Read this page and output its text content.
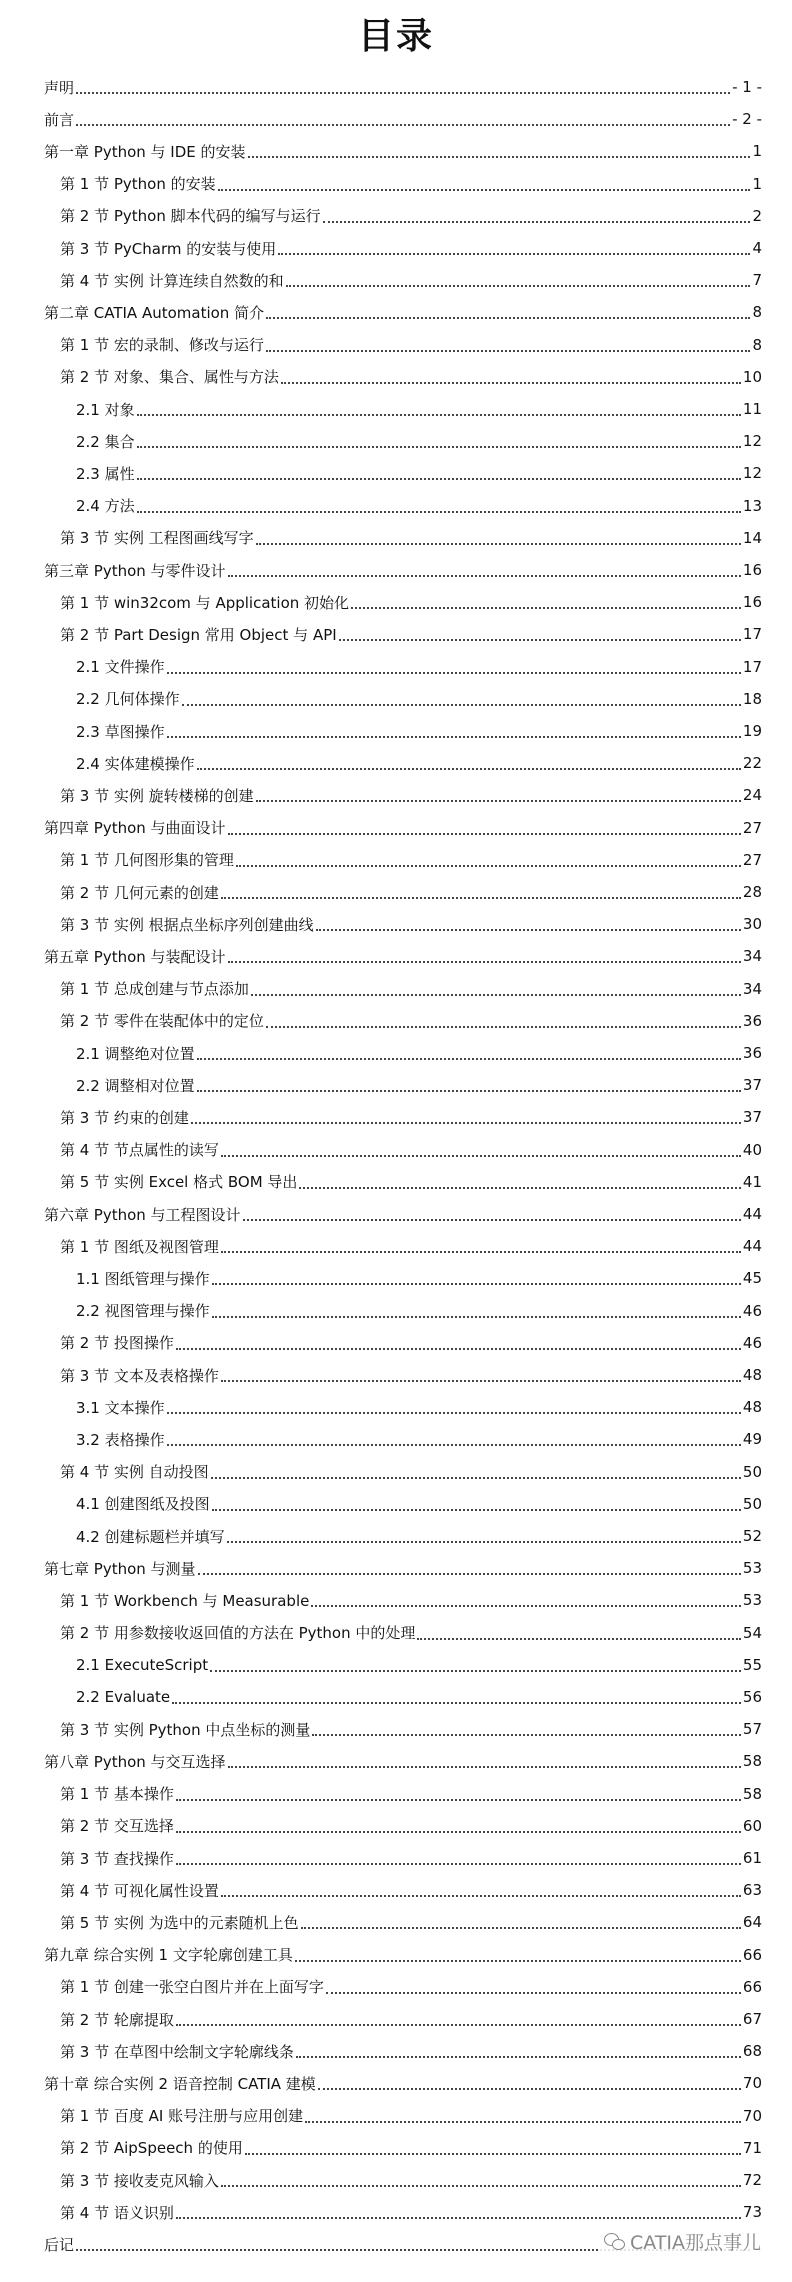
目录
声明	- 1 -
前言	- 2 -
第一章 Python 与 IDE 的安装	1
第 1 节 Python 的安装	1
第 2 节 Python 脚本代码的编写与运行	2
第 3 节 PyCharm 的安装与使用	4
第 4 节 实例 计算连续自然数的和	7
第二章 CATIA Automation 简介	8
第 1 节 宏的录制、修改与运行	8
第 2 节 对象、集合、属性与方法	10
2.1 对象	11
2.2 集合	12
2.3 属性	12
2.4 方法	13
第 3 节 实例 工程图画线写字	14
第三章 Python 与零件设计	16
第 1 节 win32com 与 Application 初始化	16
第 2 节 Part Design 常用 Object 与 API	17
2.1 文件操作	17
2.2 几何体操作	18
2.3 草图操作	19
2.4 实体建模操作	22
第 3 节 实例 旋转楼梯的创建	24
第四章 Python 与曲面设计	27
第 1 节 几何图形集的管理	27
第 2 节 几何元素的创建	28
第 3 节 实例 根据点坐标序列创建曲线	30
第五章 Python 与装配设计	34
第 1 节 总成创建与节点添加	34
第 2 节 零件在装配体中的定位	36
2.1 调整绝对位置	36
2.2 调整相对位置	37
第 3 节 约束的创建	37
第 4 节 节点属性的读写	40
第 5 节 实例 Excel 格式 BOM 导出	41
第六章 Python 与工程图设计	44
第 1 节 图纸及视图管理	44
1.1 图纸管理与操作	45
2.2 视图管理与操作	46
第 2 节 投图操作	46
第 3 节 文本及表格操作	48
3.1 文本操作	48
3.2 表格操作	49
第 4 节 实例 自动投图	50
4.1 创建图纸及投图	50
4.2 创建标题栏并填写	52
第七章 Python 与测量	53
第 1 节 Workbench 与 Measurable	53
第 2 节 用参数接收返回值的方法在 Python 中的处理	54
2.1 ExecuteScript	55
2.2 Evaluate	56
第 3 节 实例 Python 中点坐标的测量	57
第八章 Python 与交互选择	58
第 1 节 基本操作	58
第 2 节 交互选择	60
第 3 节 查找操作	61
第 4 节 可视化属性设置	63
第 5 节 实例 为选中的元素随机上色	64
第九章 综合实例 1 文字轮廓创建工具	66
第 1 节 创建一张空白图片并在上面写字	66
第 2 节 轮廓提取	67
第 3 节 在草图中绘制文字轮廓线条	68
第十章 综合实例 2 语音控制 CATIA 建模	70
第 1 节 百度 AI 账号注册与应用创建	70
第 2 节 AipSpeech 的使用	71
第 3 节 接收麦克风输入	72
第 4 节 语义识别	73
后记	CATIA那点事儿
